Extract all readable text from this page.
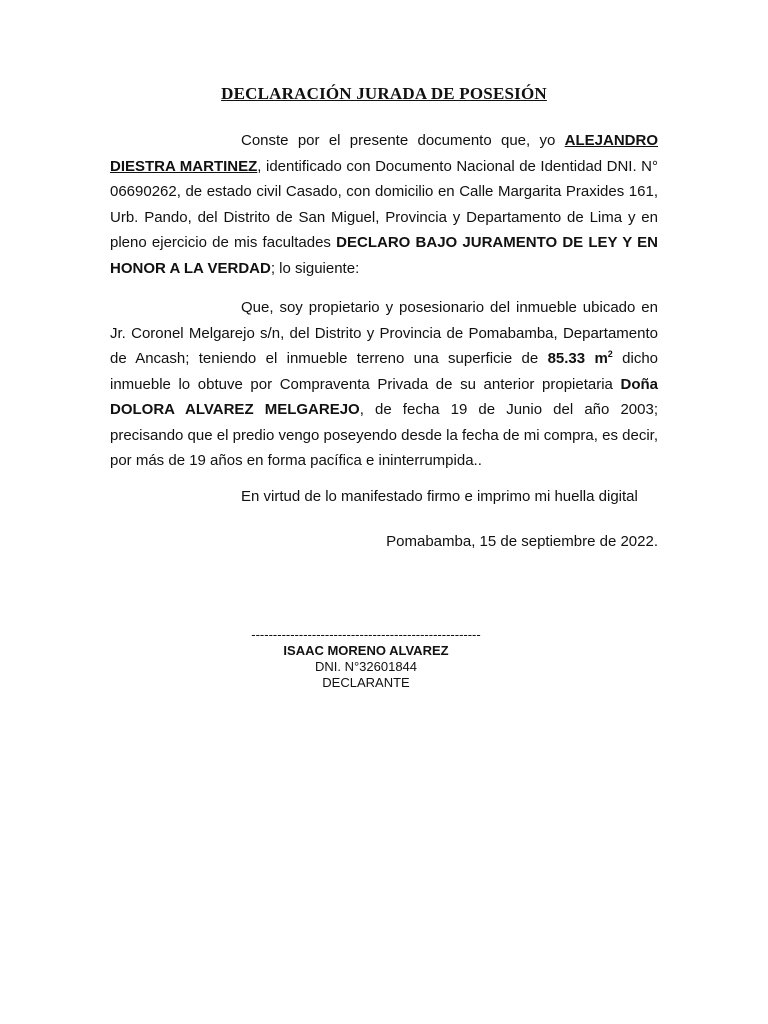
DECLARACIÓN JURADA DE POSESIÓN
Conste por el presente documento que, yo ALEJANDRO DIESTRA MARTINEZ, identificado con Documento Nacional de Identidad DNI. N° 06690262, de estado civil Casado, con domicilio en Calle Margarita Praxides 161, Urb. Pando, del Distrito de San Miguel, Provincia y Departamento de Lima y en pleno ejercicio de mis facultades DECLARO BAJO JURAMENTO DE LEY Y EN HONOR A LA VERDAD; lo siguiente:
Que, soy propietario y posesionario del inmueble ubicado en Jr. Coronel Melgarejo s/n, del Distrito y Provincia de Pomabamba, Departamento de Ancash; teniendo el inmueble terreno una superficie de 85.33 $m^2$ dicho inmueble lo obtuve por Compraventa Privada de su anterior propietaria Doña DOLORA ALVAREZ MELGAREJO, de fecha 19 de Junio del año 2003; precisando que el predio vengo poseyendo desde la fecha de mi compra, es decir, por más de 19 años en forma pacífica e ininterrumpida..
En virtud de lo manifestado firmo e imprimo mi huella digital
Pomabamba, 15 de septiembre de 2022.
-----------------------------------------------------
ISAAC MORENO ALVAREZ
DNI. N°32601844
DECLARANTE
